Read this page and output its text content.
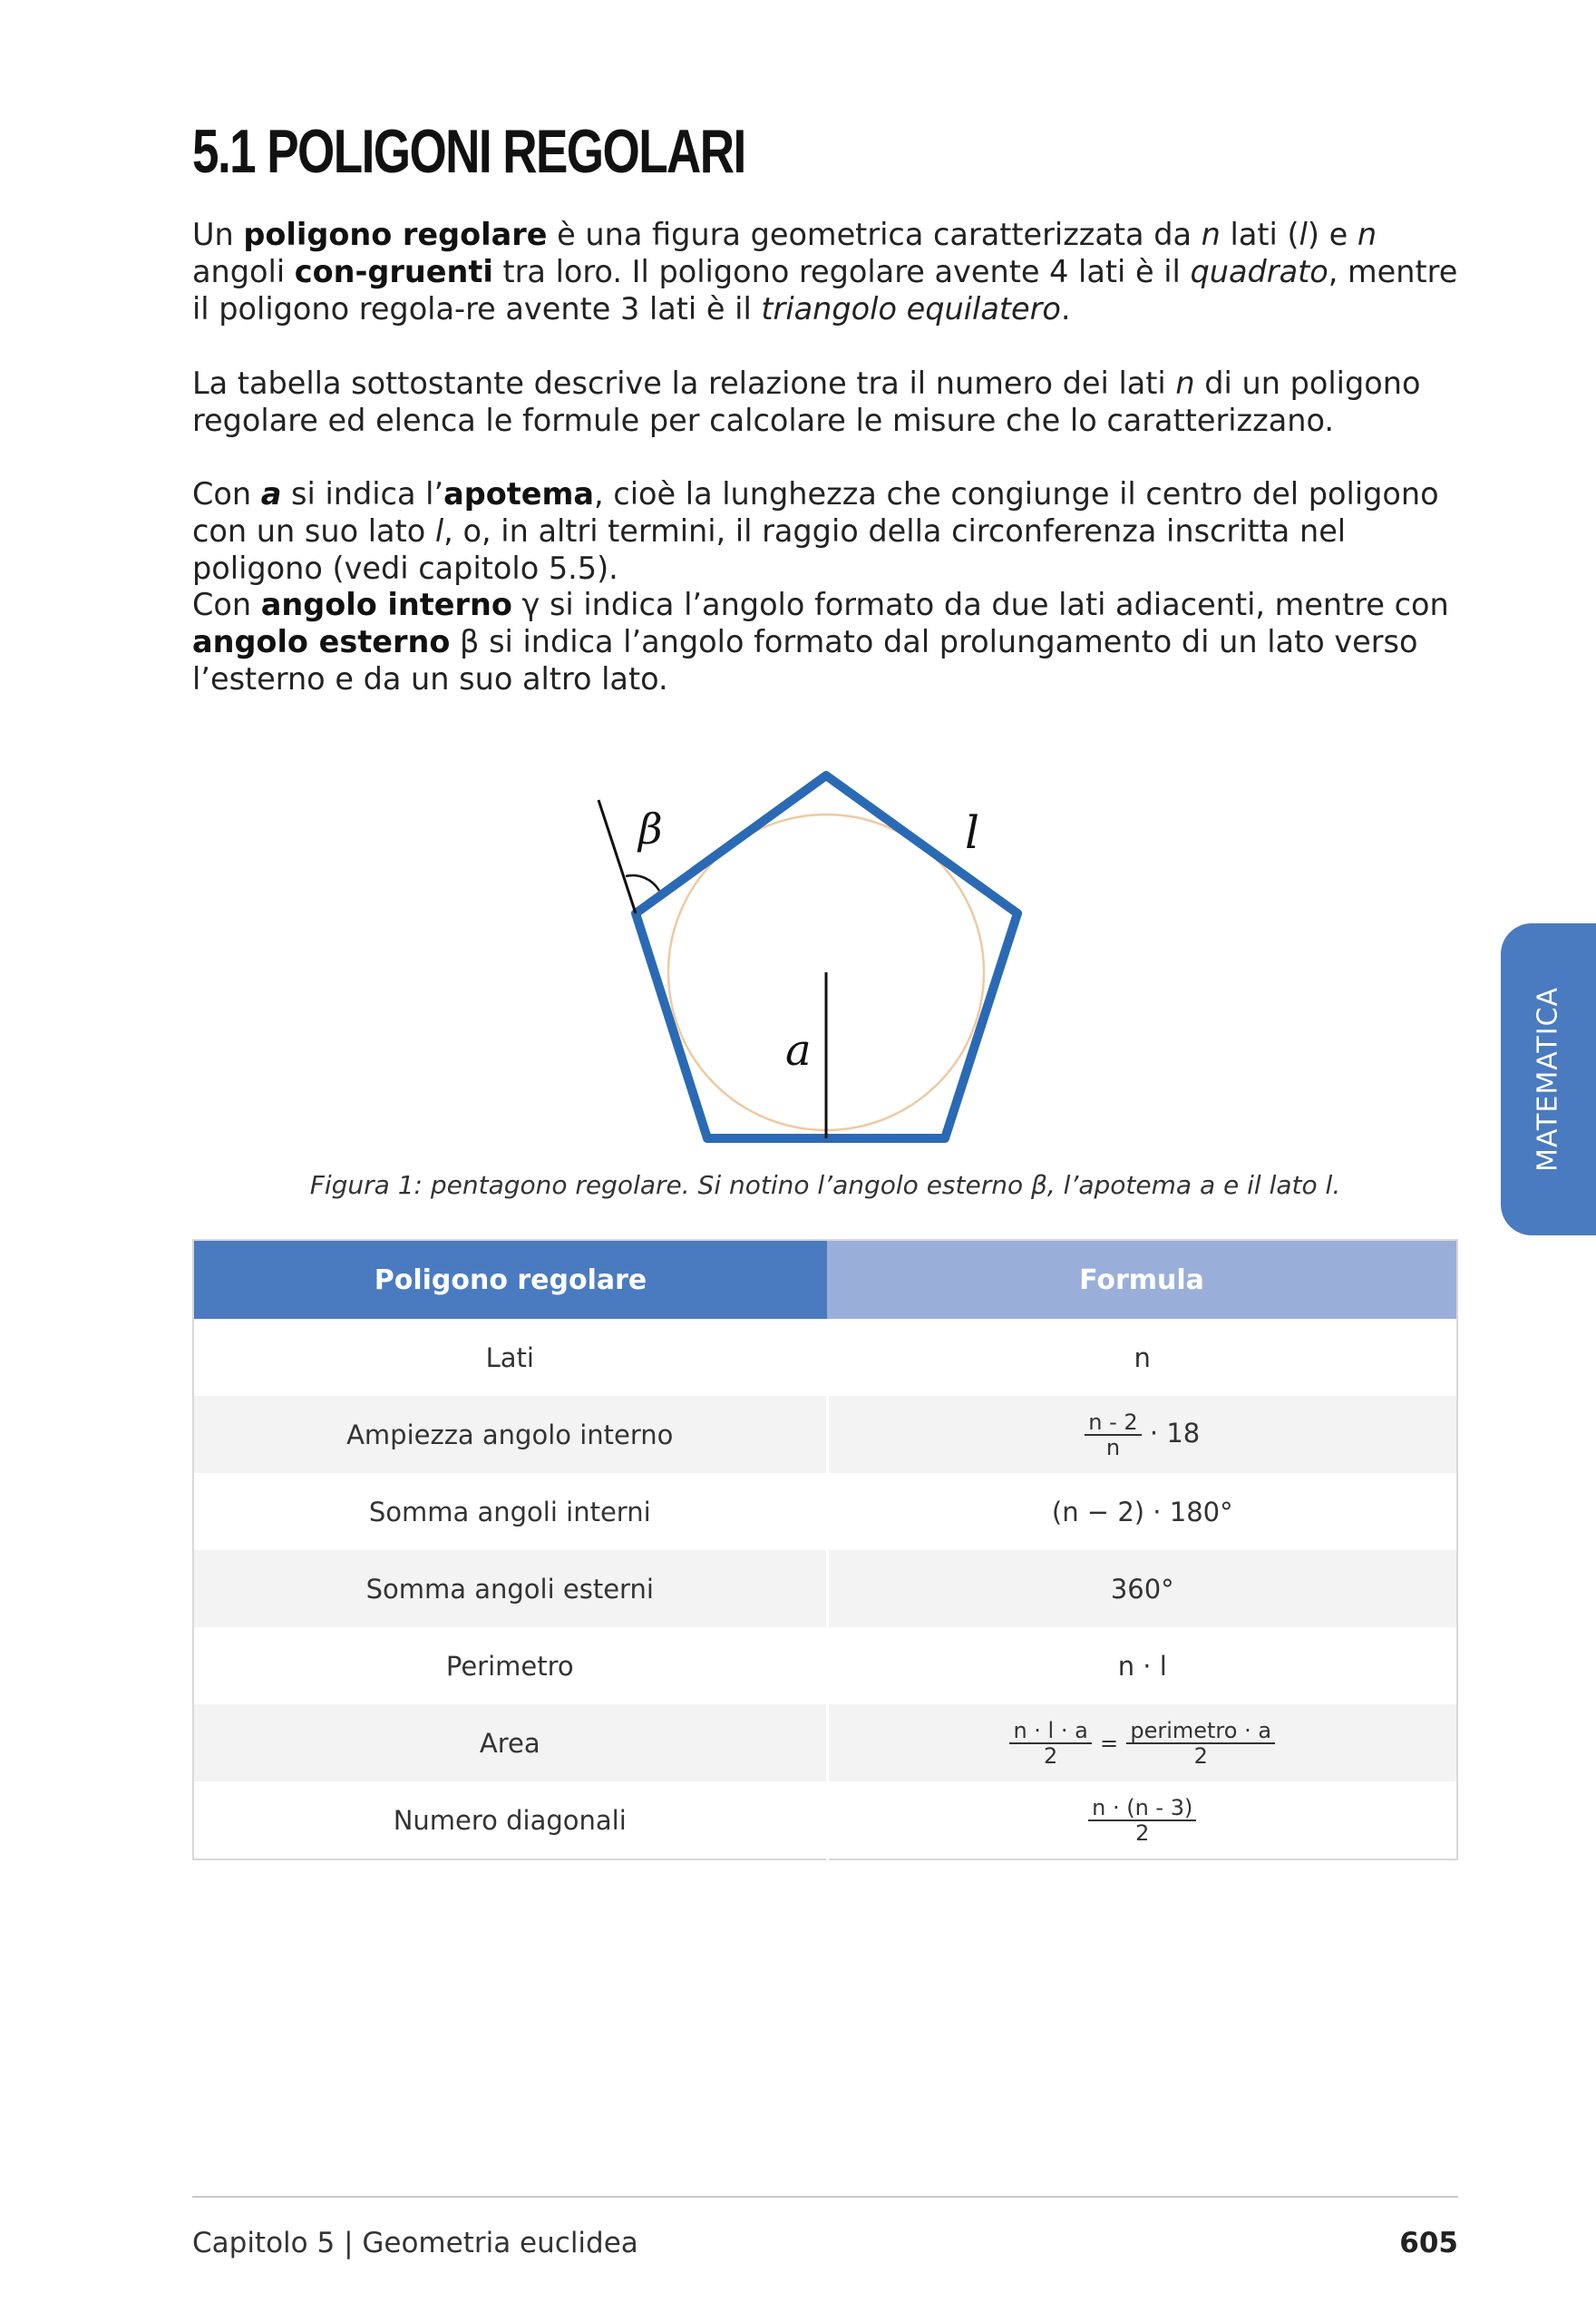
5.1 POLIGONI REGOLARI
Un poligono regolare è una figura geometrica caratterizzata da n lati (l) e n angoli con-gruenti tra loro. Il poligono regolare avente 4 lati è il quadrato, mentre il poligono regola-re avente 3 lati è il triangolo equilatero.
La tabella sottostante descrive la relazione tra il numero dei lati n di un poligono regolare ed elenca le formule per calcolare le misure che lo caratterizzano.
Con a si indica l’apotema, cioè la lunghezza che congiunge il centro del poligono con un suo lato l, o, in altri termini, il raggio della circonferenza inscritta nel poligono (vedi capitolo 5.5).
Con angolo interno γ si indica l’angolo formato da due lati adiacenti, mentre con angolo esterno β si indica l’angolo formato dal prolungamento di un lato verso l’esterno e da un suo altro lato.
β	l
a
Figura 1: pentagono regolare. Si notino l’angolo esterno β, l’apotema a e il lato l.
MATEMATICA
Poligono regolare	Formula
Lati	n
Ampiezza angolo interno	$\frac{n - 2}{n} \cdot 18$
Somma angoli interni	(n − 2) · 180°
Somma angoli esterni	360°
Perimetro	n · l
Area	$\frac{n \cdot l \cdot a}{2} = \frac{\text{perimetro · a}}{2}$

Numero diagonali	$\frac{n \cdot (n - 3)}{2}$
Capitolo 5 | Geometria euclidea	605
